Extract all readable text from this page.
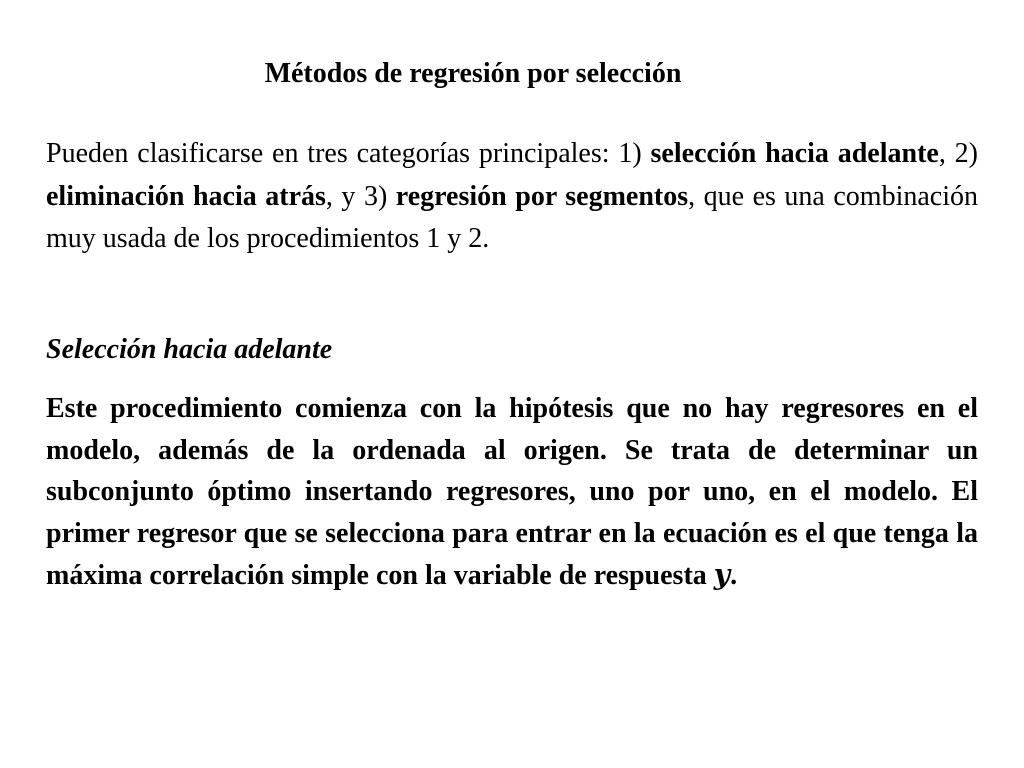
Métodos de regresión por selección

Pueden clasificarse en tres categorías principales: 1) selección hacia adelante, 2) eliminación hacia atrás, y 3) regresión por segmentos, que es una combinación muy usada de los procedimientos 1 y 2.

Selección hacia adelante

Este procedimiento comienza con la hipótesis que no hay regresores en el modelo, además de la ordenada al origen. Se trata de determinar un subconjunto óptimo insertando regresores, uno por uno, en el modelo. El primer regresor que se selecciona para entrar en la ecuación es el que tenga la máxima correlación simple con la variable de respuesta y.
